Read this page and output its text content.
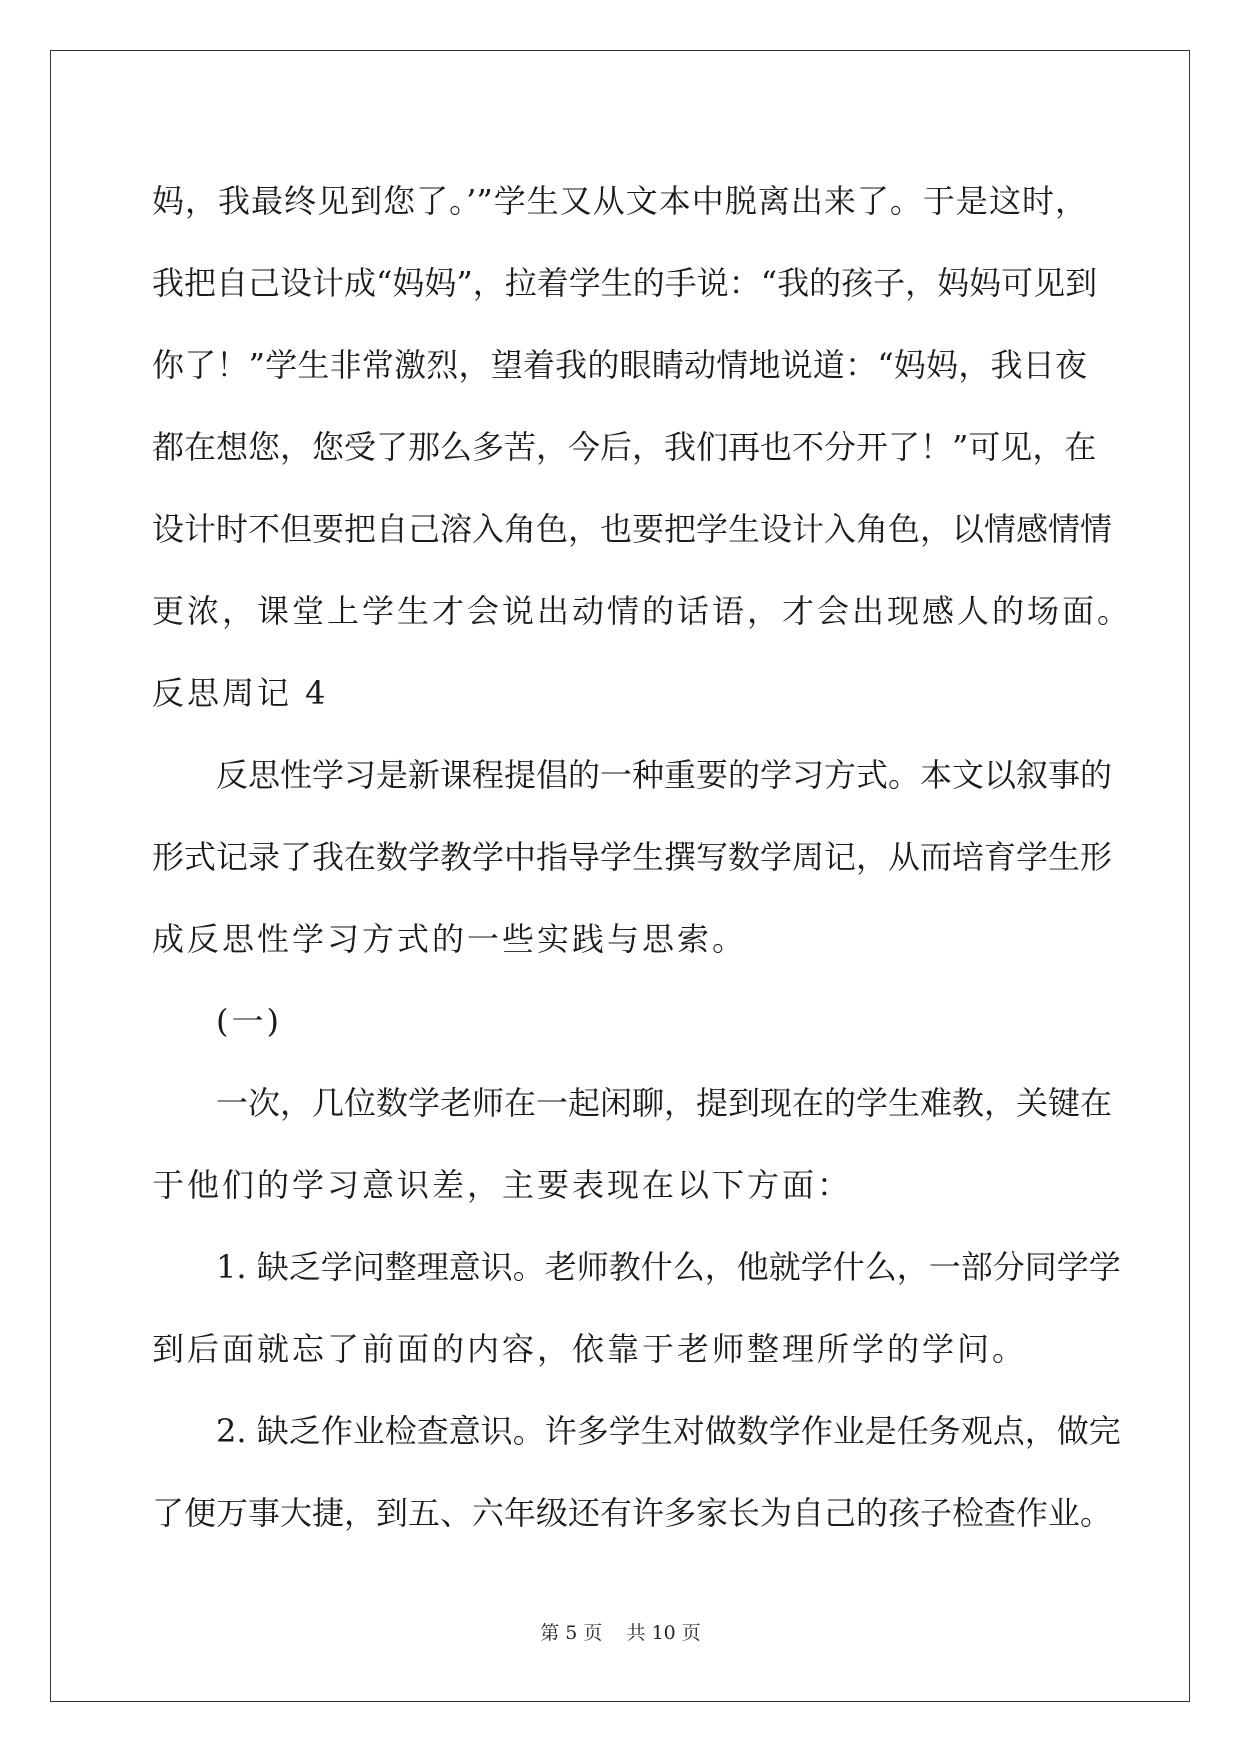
妈，我最终见到您了。’”学生又从文本中脱离出来了。于是这时，
我把自己设计成“妈妈”，拉着学生的手说：“我的孩子，妈妈可见到
你了！”学生非常激烈，望着我的眼睛动情地说道：“妈妈，我日夜
都在想您，您受了那么多苦，今后，我们再也不分开了！”可见，在
设计时不但要把自己溶入角色，也要把学生设计入角色，以情感情情
更浓，课堂上学生才会说出动情的话语，才会出现感人的场面。
反思周记 4
反思性学习是新课程提倡的一种重要的学习方式。本文以叙事的
形式记录了我在数学教学中指导学生撰写数学周记，从而培育学生形
成反思性学习方式的一些实践与思索。
(一)
一次，几位数学老师在一起闲聊，提到现在的学生难教，关键在
于他们的学习意识差，主要表现在以下方面：
1. 缺乏学问整理意识。老师教什么，他就学什么，一部分同学学
到后面就忘了前面的内容，依靠于老师整理所学的学问。
2. 缺乏作业检查意识。许多学生对做数学作业是任务观点，做完
了便万事大捷，到五、六年级还有许多家长为自己的孩子检查作业。
第 5 页    共 10 页
